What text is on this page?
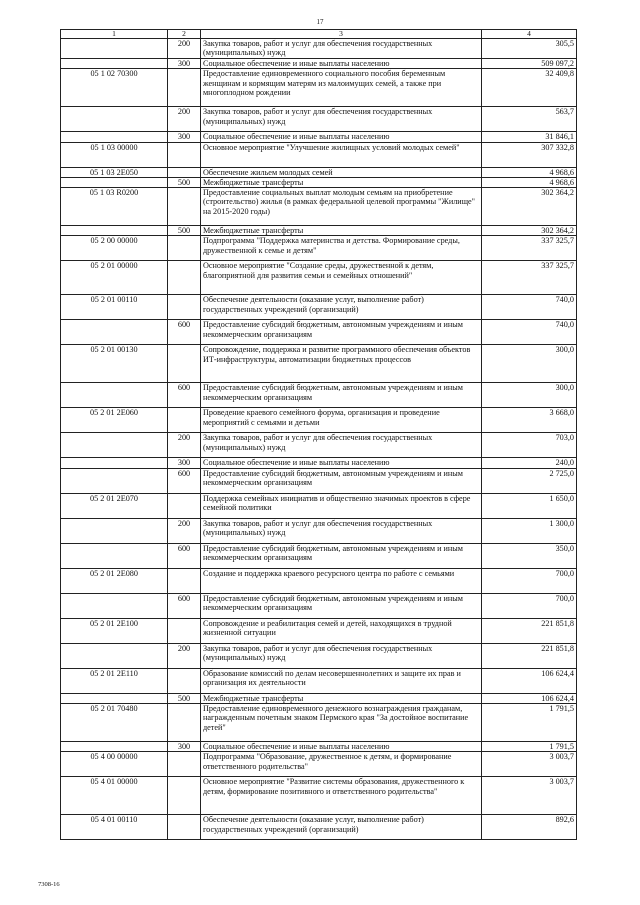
17
1	2	3	4
	200	Закупка товаров, работ и услуг для обеспечения государственных (муниципальных) нужд	305,5
	300	Социальное обеспечение и иные выплаты населению	509 097,2
05 1 02 70300		Предоставление единовременного социального пособия беременным женщинам и кормящим матерям из малоимущих семей, а также при многоплодном рождении	32 409,8
	200	Закупка товаров, работ и услуг для обеспечения государственных (муниципальных) нужд	563,7
	300	Социальное обеспечение и иные выплаты населению	31 846,1
05 1 03 00000		Основное мероприятие "Улучшение жилищных условий молодых семей"	307 332,8
05 1 03 2Е050		Обеспечение жильем молодых семей	4 968,6
	500	Межбюджетные трансферты	4 968,6
05 1 03 R0200		Предоставление социальных выплат молодым семьям на приобретение (строительство) жилья (в рамках федеральной целевой программы "Жилище" на 2015-2020 годы)	302 364,2
	500	Межбюджетные трансферты	302 364,2
05 2 00 00000		Подпрограмма "Поддержка материнства и детства. Формирование среды, дружественной к семье и детям"	337 325,7
05 2 01 00000		Основное мероприятие "Создание среды, дружественной к детям, благоприятной для развития семьи и семейных отношений"	337 325,7
05 2 01 00110		Обеспечение деятельности (оказание услуг, выполнение работ) государственных учреждений (организаций)	740,0
	600	Предоставление субсидий бюджетным, автономным учреждениям и иным некоммерческим организациям	740,0
05 2 01 00130		Сопровождение, поддержка и развитие программного обеспечения объектов ИТ-инфраструктуры, автоматизации бюджетных процессов	300,0
	600	Предоставление субсидий бюджетным, автономным учреждениям и иным некоммерческим организациям	300,0
05 2 01 2Е060		Проведение краевого семейного форума, организация и проведение мероприятий с семьями и детьми	3 668,0
	200	Закупка товаров, работ и услуг для обеспечения государственных (муниципальных) нужд	703,0
	300	Социальное обеспечение и иные выплаты населению	240,0
	600	Предоставление субсидий бюджетным, автономным учреждениям и иным некоммерческим организациям	2 725,0
05 2 01 2Е070		Поддержка семейных инициатив и общественно значимых проектов в сфере семейной политики	1 650,0
	200	Закупка товаров, работ и услуг для обеспечения государственных (муниципальных) нужд	1 300,0
	600	Предоставление субсидий бюджетным, автономным учреждениям и иным некоммерческим организациям	350,0
05 2 01 2Е080		Создание и поддержка краевого ресурсного центра по работе с семьями	700,0
	600	Предоставление субсидий бюджетным, автономным учреждениям и иным некоммерческим организациям	700,0
05 2 01 2Е100		Сопровождение и реабилитация семей и детей, находящихся в трудной жизненной ситуации	221 851,8
	200	Закупка товаров, работ и услуг для обеспечения государственных (муниципальных) нужд	221 851,8
05 2 01 2Е110		Образование комиссий по делам несовершеннолетних и защите их прав и организация их деятельности	106 624,4
	500	Межбюджетные трансферты	106 624,4
05 2 01 70480		Предоставление единовременного денежного вознаграждения гражданам, награжденным почетным знаком Пермского края "За достойное воспитание детей"	1 791,5
	300	Социальное обеспечение и иные выплаты населению	1 791,5
05 4 00 00000		Подпрограмма "Образование, дружественное к детям, и формирование ответственного родительства"	3 003,7
05 4 01 00000		Основное мероприятие "Развитие системы образования, дружественного к детям, формирование позитивного и ответственного родительства"	3 003,7
05 4 01 00110		Обеспечение деятельности (оказание услуг, выполнение работ) государственных учреждений (организаций)	892,6
7308-16
